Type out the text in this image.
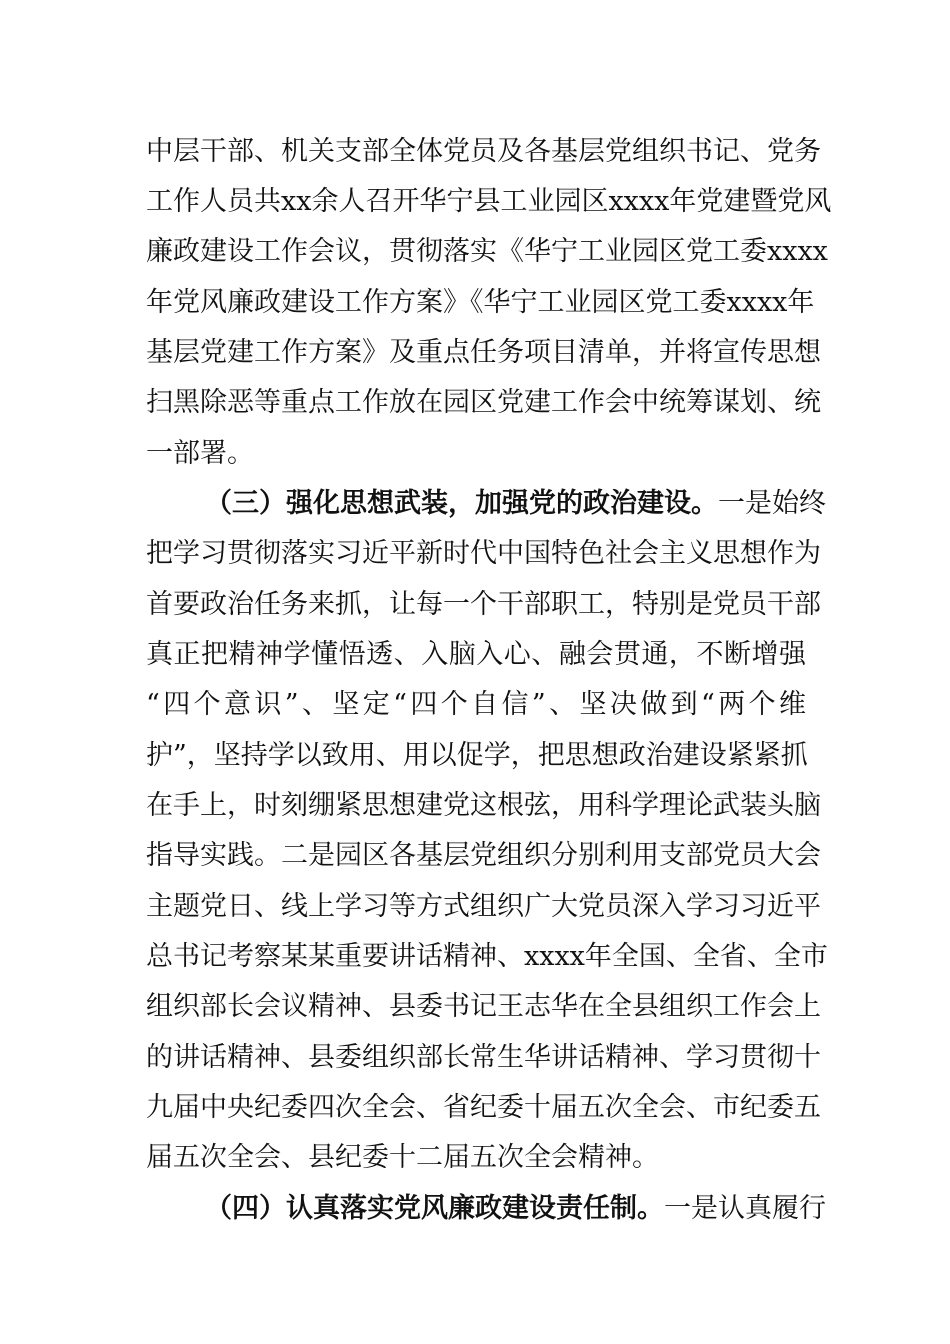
中层干部、机关支部全体党员及各基层党组织书记、党务
工作人员共xx余人召开华宁县工业园区xxxx年党建暨党风
廉政建设工作会议，贯彻落实《华宁工业园区党工委xxxx
年党风廉政建设工作方案》《华宁工业园区党工委xxxx年
基层党建工作方案》及重点任务项目清单，并将宣传思想
扫黑除恶等重点工作放在园区党建工作会中统筹谋划、统
一部署。
（三）强化思想武装，加强党的政治建设。一是始终
把学习贯彻落实习近平新时代中国特色社会主义思想作为
首要政治任务来抓，让每一个干部职工，特别是党员干部
真正把精神学懂悟透、入脑入心、融会贯通，不断增强
“四个意识”、坚定“四个自信”、坚决做到“两个维
护”，坚持学以致用、用以促学，把思想政治建设紧紧抓
在手上，时刻绷紧思想建党这根弦，用科学理论武装头脑
指导实践。二是园区各基层党组织分别利用支部党员大会
主题党日、线上学习等方式组织广大党员深入学习习近平
总书记考察某某重要讲话精神、xxxx年全国、全省、全市
组织部长会议精神、县委书记王志华在全县组织工作会上
的讲话精神、县委组织部长常生华讲话精神、学习贯彻十
九届中央纪委四次全会、省纪委十届五次全会、市纪委五
届五次全会、县纪委十二届五次全会精神。
（四）认真落实党风廉政建设责任制。一是认真履行
